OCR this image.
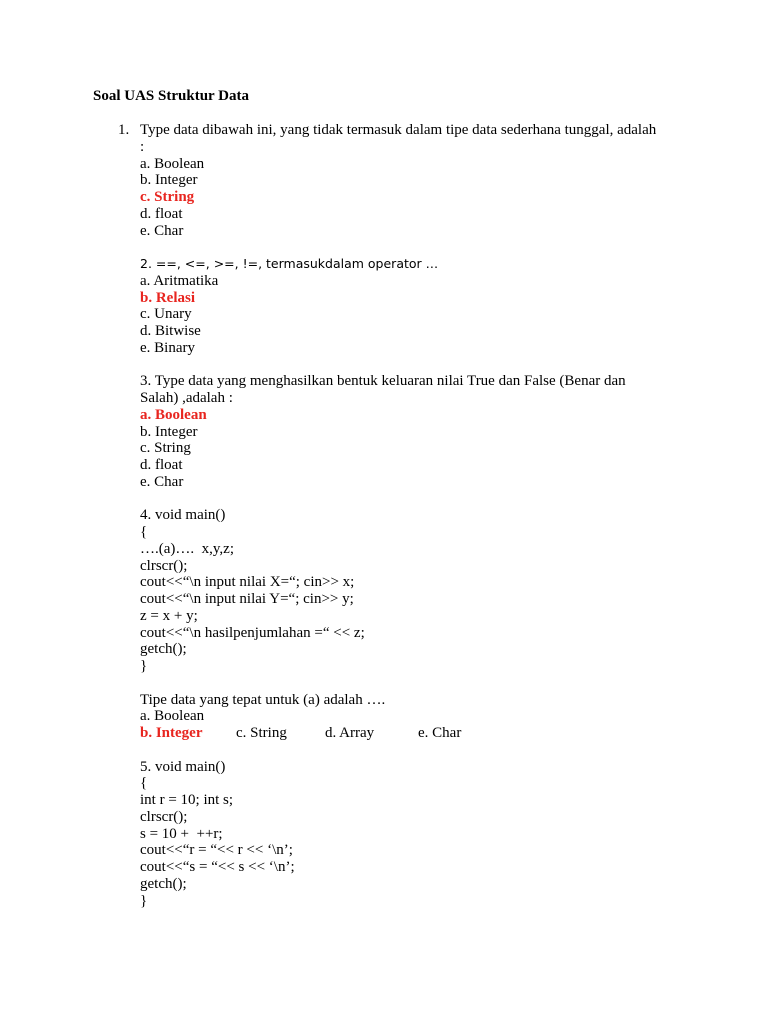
Soal UAS Struktur Data
1. Type data dibawah ini, yang tidak termasuk dalam tipe data sederhana tunggal, adalah
:
a. Boolean
b. Integer
c. String
d. float
e. Char
2. ==, <=, >=, !=, termasukdalam operator …
a. Aritmatika
b. Relasi
c. Unary
d. Bitwise
e. Binary
3. Type data yang menghasilkan bentuk keluaran nilai True dan False (Benar dan
Salah) ,adalah :
a. Boolean
b. Integer
c. String
d. float
e. Char
4. void main()
{
….(a)….  x,y,z;
clrscr();
cout<<“\n input nilai X=“; cin>> x;
cout<<“\n input nilai Y=“; cin>> y;
z = x + y;
cout<<“\n hasilpenjumlahan =“ << z;
getch();
}
Tipe data yang tepat untuk (a) adalah ….
a. Boolean
b. Integer	c. String	d. Array	e. Char
5. void main()
{
int r = 10; int s;
clrscr();
s = 10 +  ++r;
cout<<“r = “<< r << ‘\n’;
cout<<“s = “<< s << ‘\n’;
getch();
}
